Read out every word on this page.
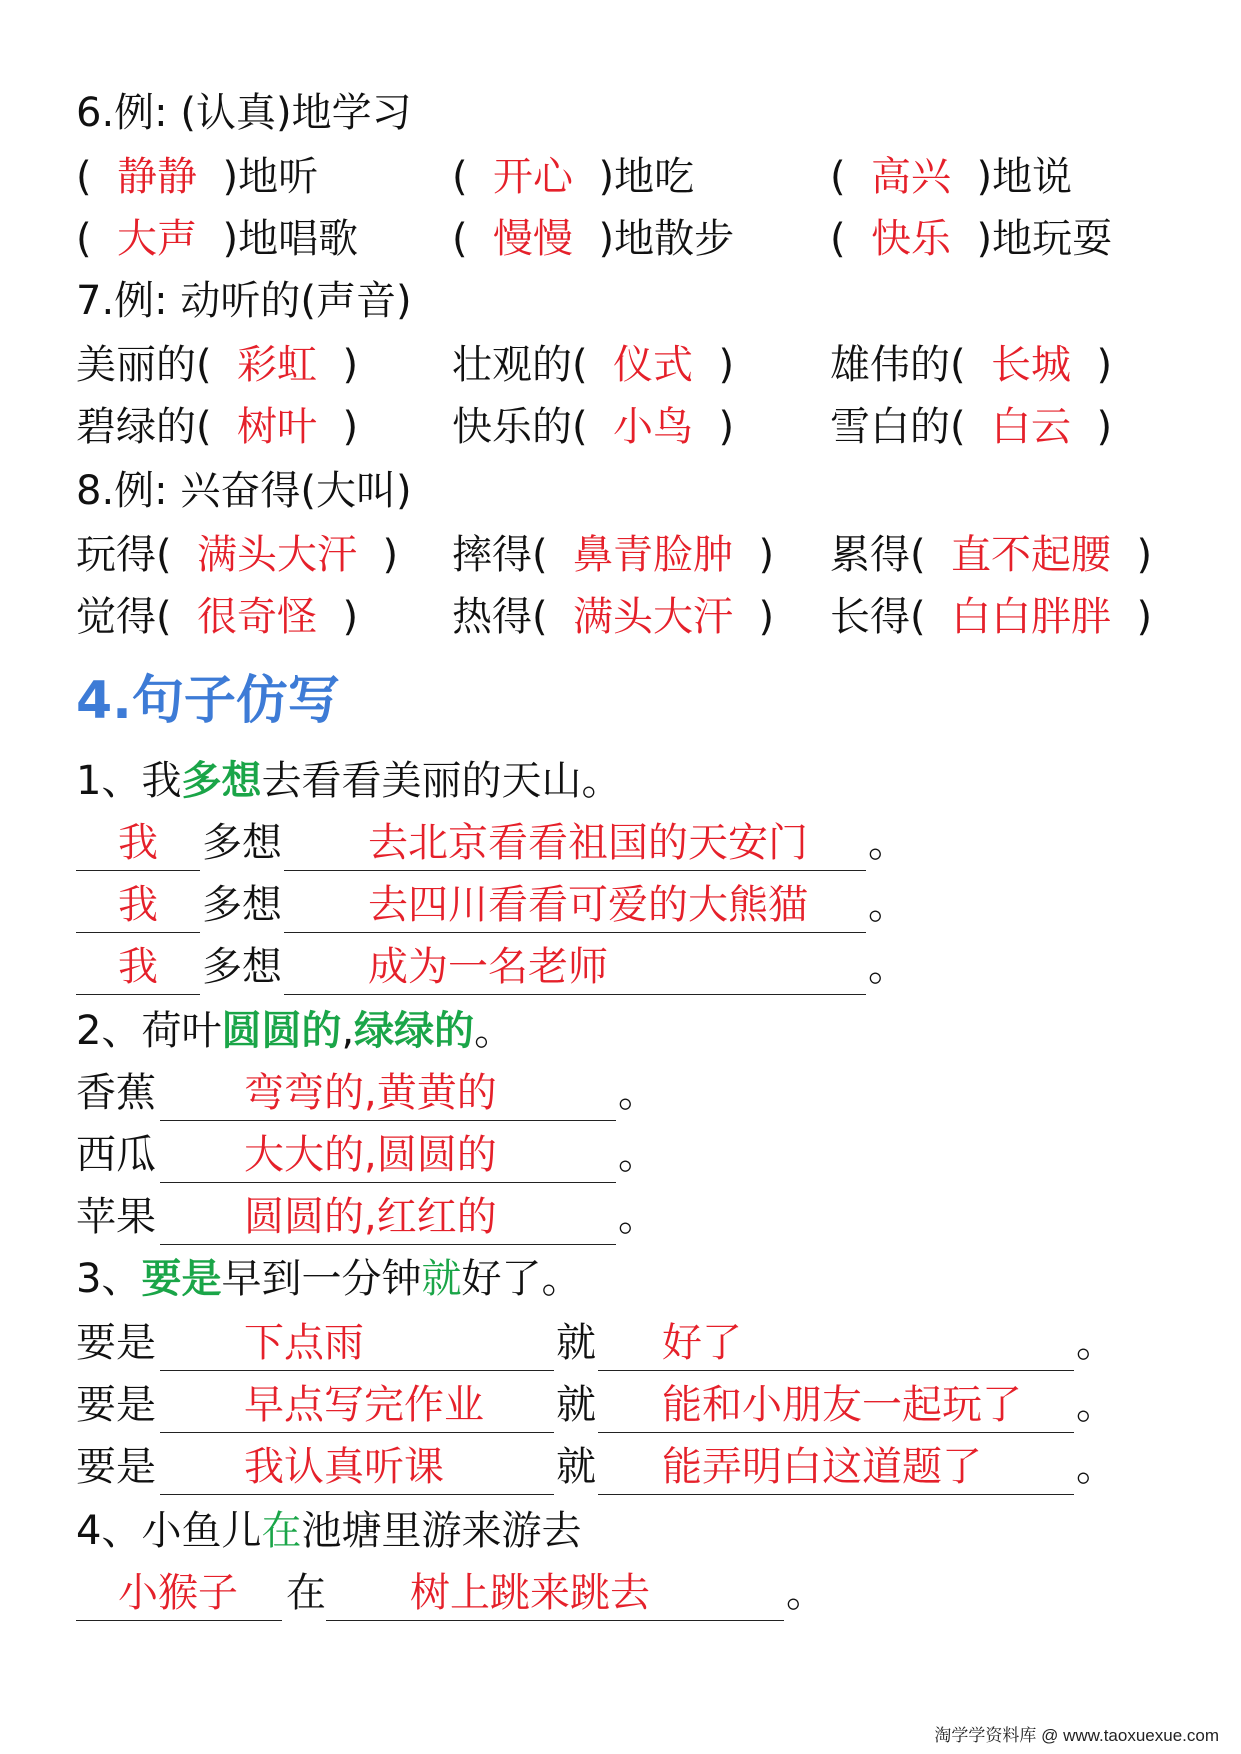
6.例: (认真)地学习
(  静静  )地听	(  开心  )地吃	(  高兴  )地说
(  大声  )地唱歌 (  慢慢  )地散步 (  快乐  )地玩耍
7.例: 动听的(声音)
美丽的(  彩虹  ) 壮观的(  仪式  ) 雄伟的(  长城  )
碧绿的(  树叶  ) 快乐的(  小鸟  ) 雪白的(  白云  )
8.例: 兴奋得(大叫)
玩得(  满头大汗  ) 摔得(  鼻青脸肿  ) 累得(  直不起腰  )
觉得(  很奇怪  ) 热得(  满头大汗  ) 长得(  白白胖胖  )
4.句子仿写
1、我多想去看看美丽的天山。
我 多想 去北京看看祖国的天安门 。
我 多想 去四川看看可爱的大熊猫 。
我 多想 成为一名老师	。
2、荷叶圆圆的,绿绿的。
香蕉 弯弯的,黄黄的	。
西瓜 大大的,圆圆的	。
苹果 圆圆的,红红的	。
3、要是早到一分钟就好了。
要是 下点雨	就 好了	。
要是 早点写完作业 就 能和小朋友一起玩了 。
要是 我认真听课	就 能弄明白这道题了 。
4、小鱼儿在池塘里游来游去
小猴子 在 树上跳来跳去	。
淘学学资料库 @ www.taoxuexue.com
